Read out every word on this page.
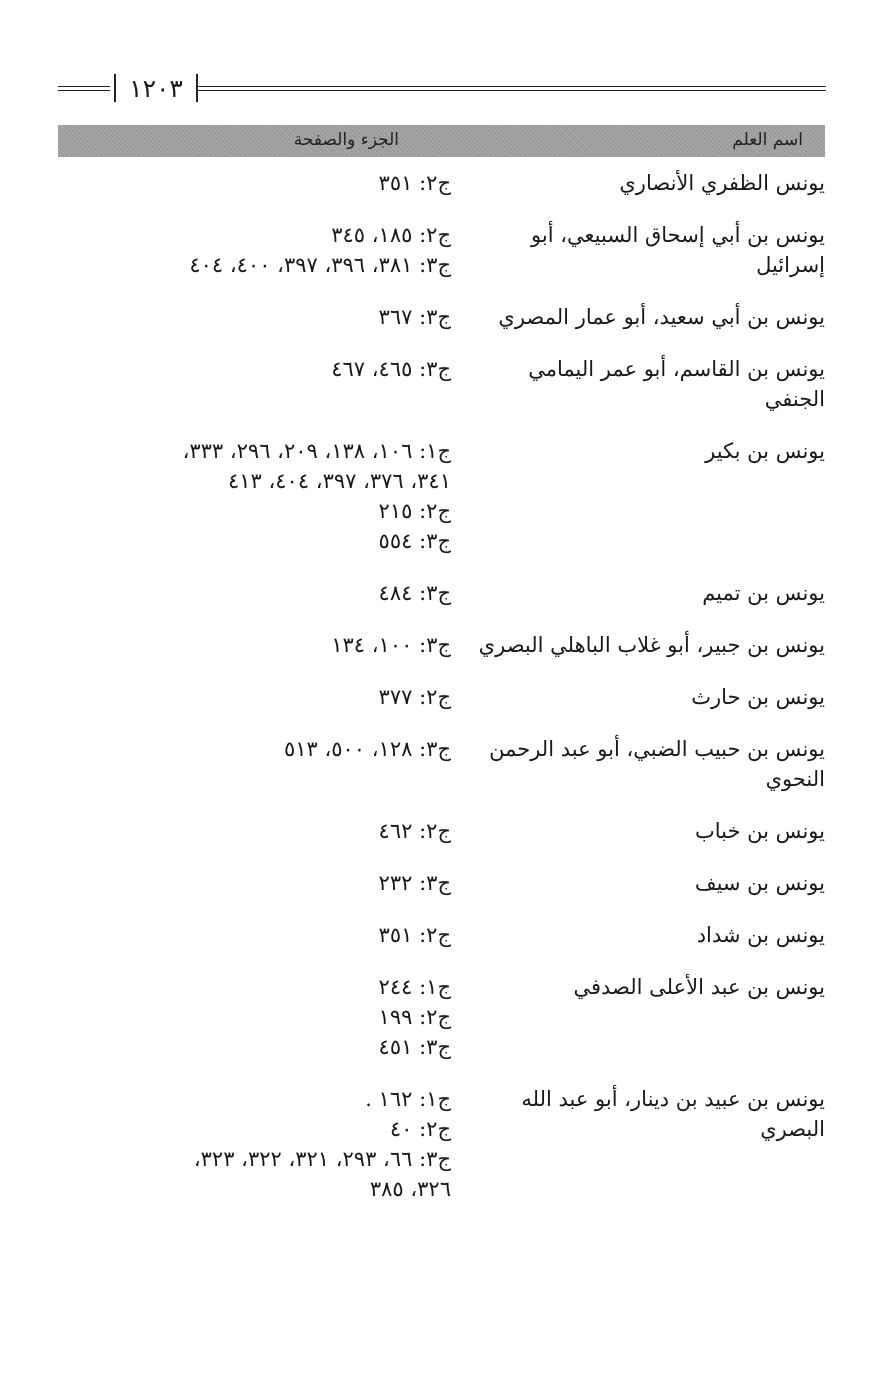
١٢٠٣
اسم العلم
الجزء والصفحة
يونس الظفري الأنصاري
ج٢: ٣٥١
يونس بن أبي إسحاق السبيعي، أبو إسرائيل
ج٢: ١٨٥، ٣٤٥
ج٣: ٣٨١، ٣٩٦، ٣٩٧، ٤٠٠، ٤٠٤
يونس بن أبي سعيد، أبو عمار المصري
ج٣: ٣٦٧
يونس بن القاسم، أبو عمر اليمامي الجنفي
ج٣: ٤٦٥، ٤٦٧
يونس بن بكير
ج١: ١٠٦، ١٣٨، ٢٠٩، ٢٩٦، ٣٣٣،
٣٤١، ٣٧٦، ٣٩٧، ٤٠٤، ٤١٣
ج٢: ٢١٥
ج٣: ٥٥٤
يونس بن تميم
ج٣: ٤٨٤
يونس بن جبير، أبو غلاب الباهلي البصري
ج٣: ١٠٠، ١٣٤
يونس بن حارث
ج٢: ٣٧٧
يونس بن حبيب الضبي، أبو عبد الرحمن النحوي
ج٣: ١٢٨، ٥٠٠، ٥١٣
يونس بن خباب
ج٢: ٤٦٢
يونس بن سيف
ج٣: ٢٣٢
يونس بن شداد
ج٢: ٣٥١
يونس بن عبد الأعلى الصدفي
ج١: ٢٤٤
ج٢: ١٩٩
ج٣: ٤٥١
يونس بن عبيد بن دينار، أبو عبد الله البصري
ج١: ١٦٢ .
ج٢: ٤٠
ج٣: ٦٦، ٢٩٣، ٣٢١، ٣٢٢، ٣٢٣،
٣٢٦، ٣٨٥
